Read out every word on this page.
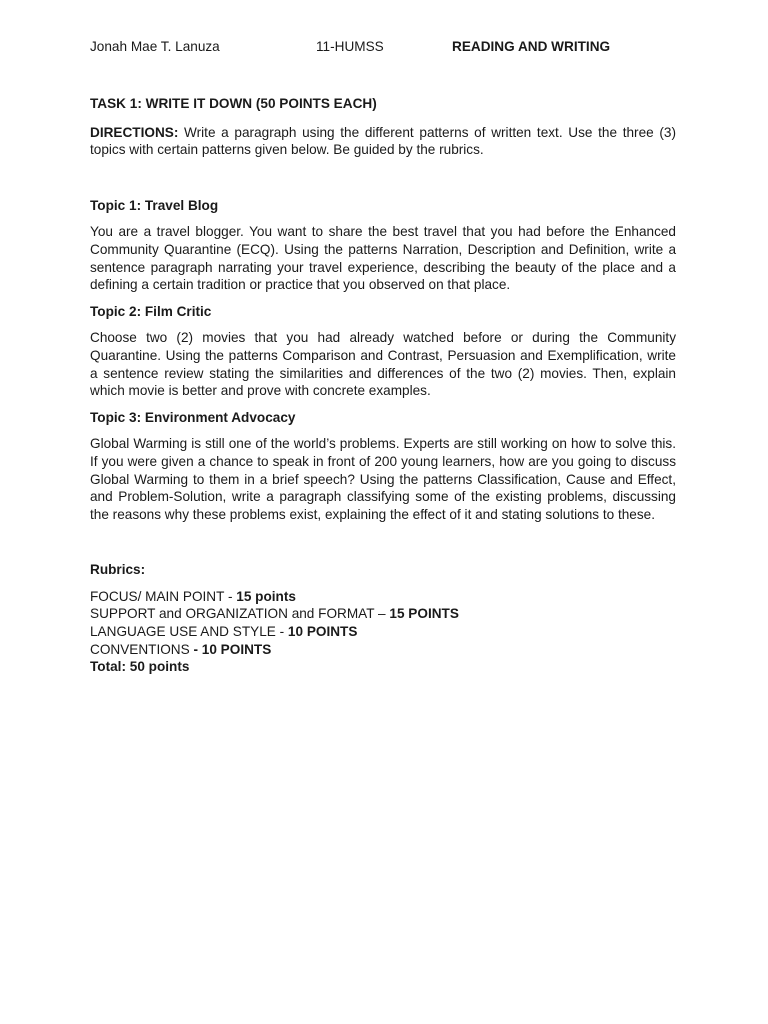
Jonah Mae T. Lanuza	11-HUMSS	READING AND WRITING

TASK 1: WRITE IT DOWN (50 POINTS EACH)

DIRECTIONS: Write a paragraph using the different patterns of written text. Use the three (3) topics with certain patterns given below. Be guided by the rubrics.

Topic 1: Travel Blog

You are a travel blogger. You want to share the best travel that you had before the Enhanced Community Quarantine (ECQ). Using the patterns Narration, Description and Definition, write a sentence paragraph narrating your travel experience, describing the beauty of the place and a defining a certain tradition or practice that you observed on that place.

Topic 2: Film Critic

Choose two (2) movies that you had already watched before or during the Community Quarantine. Using the patterns Comparison and Contrast, Persuasion and Exemplification, write a sentence review stating the similarities and differences of the two (2) movies. Then, explain which movie is better and prove with concrete examples.

Topic 3: Environment Advocacy

Global Warming is still one of the world’s problems. Experts are still working on how to solve this. If you were given a chance to speak in front of 200 young learners, how are you going to discuss Global Warming to them in a brief speech? Using the patterns Classification, Cause and Effect, and Problem-Solution, write a paragraph classifying some of the existing problems, discussing the reasons why these problems exist, explaining the effect of it and stating solutions to these.

Rubrics:

FOCUS/ MAIN POINT - 15 points
SUPPORT and ORGANIZATION and FORMAT – 15 POINTS
LANGUAGE USE AND STYLE - 10 POINTS
CONVENTIONS - 10 POINTS
Total: 50 points
